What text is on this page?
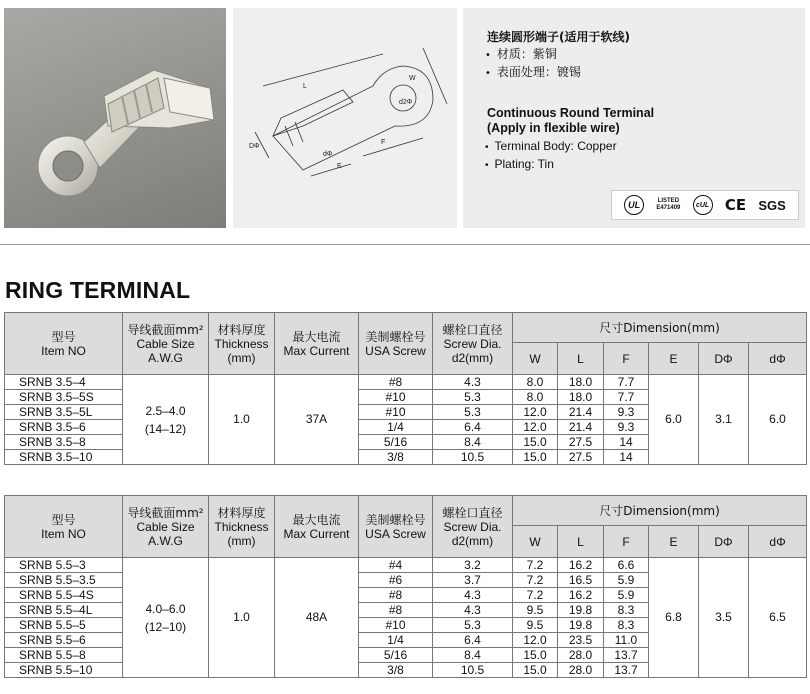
d2Φ
W
L
DΦ
dΦ
F
E
连续圆形端子(适用于软线)
• 材质：紫铜
• 表面处理：镀锡
Continuous Round Terminal
(Apply in flexible wire)
• Terminal Body: Copper
• Plating: Tin
UL	LISTED
E471409	cUL CE SGS
RING TERMINAL
型号
Item NO	导线截面mm²
Cable Size
A.W.G	材料厚度
Thickness
(mm)	最大电流
Max Current	美制螺栓号
USA Screw	螺栓口直径
Screw Dia.
d2(mm)	尺寸Dimension(mm)					
						W	L	F	E	DΦ	dΦ
SRNB 3.5–4	2.5–4.0
(14–12)	1.0	37A	#8	4.3	8.0	18.0	7.7	6.0	3.1	6.0
SRNB 3.5–5S				#10	5.3	8.0	18.0	7.7			
SRNB 3.5–5L				#10	5.3	12.0	21.4	9.3			
SRNB 3.5–6				1/4	6.4	12.0	21.4	9.3			
SRNB 3.5–8				5/16	8.4	15.0	27.5	14			
SRNB 3.5–10				3/8	10.5	15.0	27.5	14			
型号
Item NO	导线截面mm²
Cable Size
A.W.G	材料厚度
Thickness
(mm)	最大电流
Max Current	美制螺栓号
USA Screw	螺栓口直径
Screw Dia.
d2(mm)	尺寸Dimension(mm)					
						W	L	F	E	DΦ	dΦ
SRNB 5.5–3	4.0–6.0
(12–10)	1.0	48A	#4	3.2	7.2	16.2	6.6	6.8	3.5	6.5
SRNB 5.5–3.5				#6	3.7	7.2	16.5	5.9			
SRNB 5.5–4S				#8	4.3	7.2	16.2	5.9			
SRNB 5.5–4L				#8	4.3	9.5	19.8	8.3			
SRNB 5.5–5				#10	5.3	9.5	19.8	8.3			
SRNB 5.5–6				1/4	6.4	12.0	23.5	11.0			
SRNB 5.5–8				5/16	8.4	15.0	28.0	13.7			
SRNB 5.5–10				3/8	10.5	15.0	28.0	13.7			
